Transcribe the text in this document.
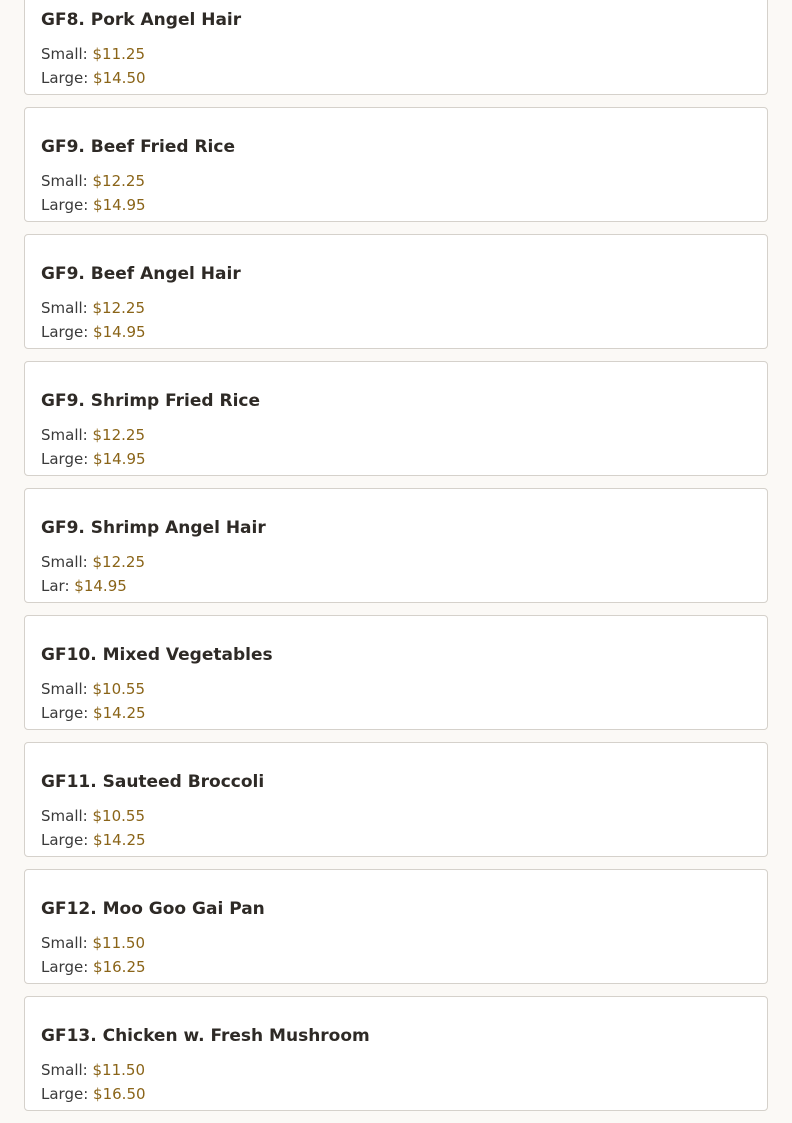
GF8. Pork Angel Hair
Small: $11.25
Large: $14.50
GF9. Beef Fried Rice
Small: $12.25
Large: $14.95
GF9. Beef Angel Hair
Small: $12.25
Large: $14.95
GF9. Shrimp Fried Rice
Small: $12.25
Large: $14.95
GF9. Shrimp Angel Hair
Small: $12.25
Lar: $14.95
GF10. Mixed Vegetables
Small: $10.55
Large: $14.25
GF11. Sauteed Broccoli
Small: $10.55
Large: $14.25
GF12. Moo Goo Gai Pan
Small: $11.50
Large: $16.25
GF13. Chicken w. Fresh Mushroom
Small: $11.50
Large: $16.50
